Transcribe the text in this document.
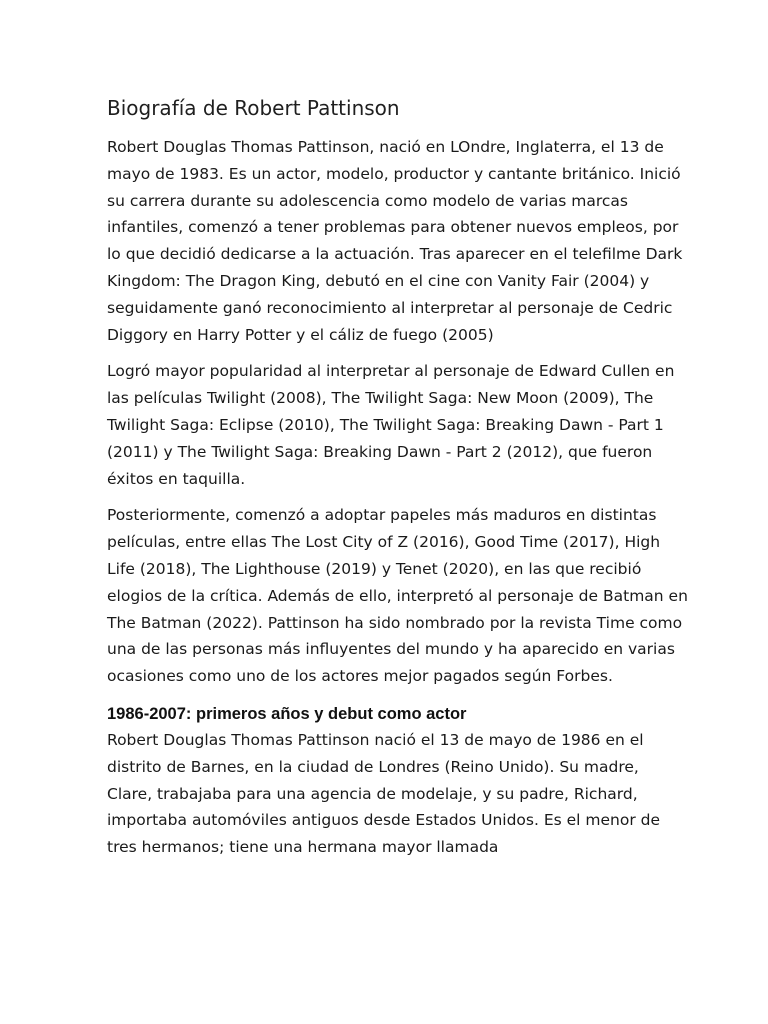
Biografía de Robert Pattinson

Robert Douglas Thomas Pattinson, nació en LOndre, Inglaterra, el 13 de mayo de 1983. Es un actor, modelo, productor y cantante británico. Inició su carrera durante su adolescencia como modelo de varias marcas infantiles, comenzó a tener problemas para obtener nuevos empleos, por lo que decidió dedicarse a la actuación. Tras aparecer en el telefilme Dark Kingdom: The Dragon King, debutó en el cine con Vanity Fair (2004) y seguidamente ganó reconocimiento al interpretar al personaje de Cedric Diggory en Harry Potter y el cáliz de fuego (2005)

Logró mayor popularidad al interpretar al personaje de Edward Cullen en las películas Twilight (2008), The Twilight Saga: New Moon (2009), The Twilight Saga: Eclipse (2010), The Twilight Saga: Breaking Dawn - Part 1 (2011) y The Twilight Saga: Breaking Dawn - Part 2 (2012), que fueron éxitos en taquilla.

Posteriormente, comenzó a adoptar papeles más maduros en distintas películas, entre ellas The Lost City of Z (2016), Good Time (2017), High Life (2018), The Lighthouse (2019) y Tenet (2020), en las que recibió elogios de la crítica. Además de ello, interpretó al personaje de Batman en The Batman (2022). Pattinson ha sido nombrado por la revista Time como una de las personas más influyentes del mundo y ha aparecido en varias ocasiones como uno de los actores mejor pagados según Forbes.

1986-2007: primeros años y debut como actor

Robert Douglas Thomas Pattinson nació el 13 de mayo de 1986 en el distrito de Barnes, en la ciudad de Londres (Reino Unido). Su madre, Clare, trabajaba para una agencia de modelaje, y su padre, Richard, importaba automóviles antiguos desde Estados Unidos. Es el menor de tres hermanos; tiene una hermana mayor llamada
